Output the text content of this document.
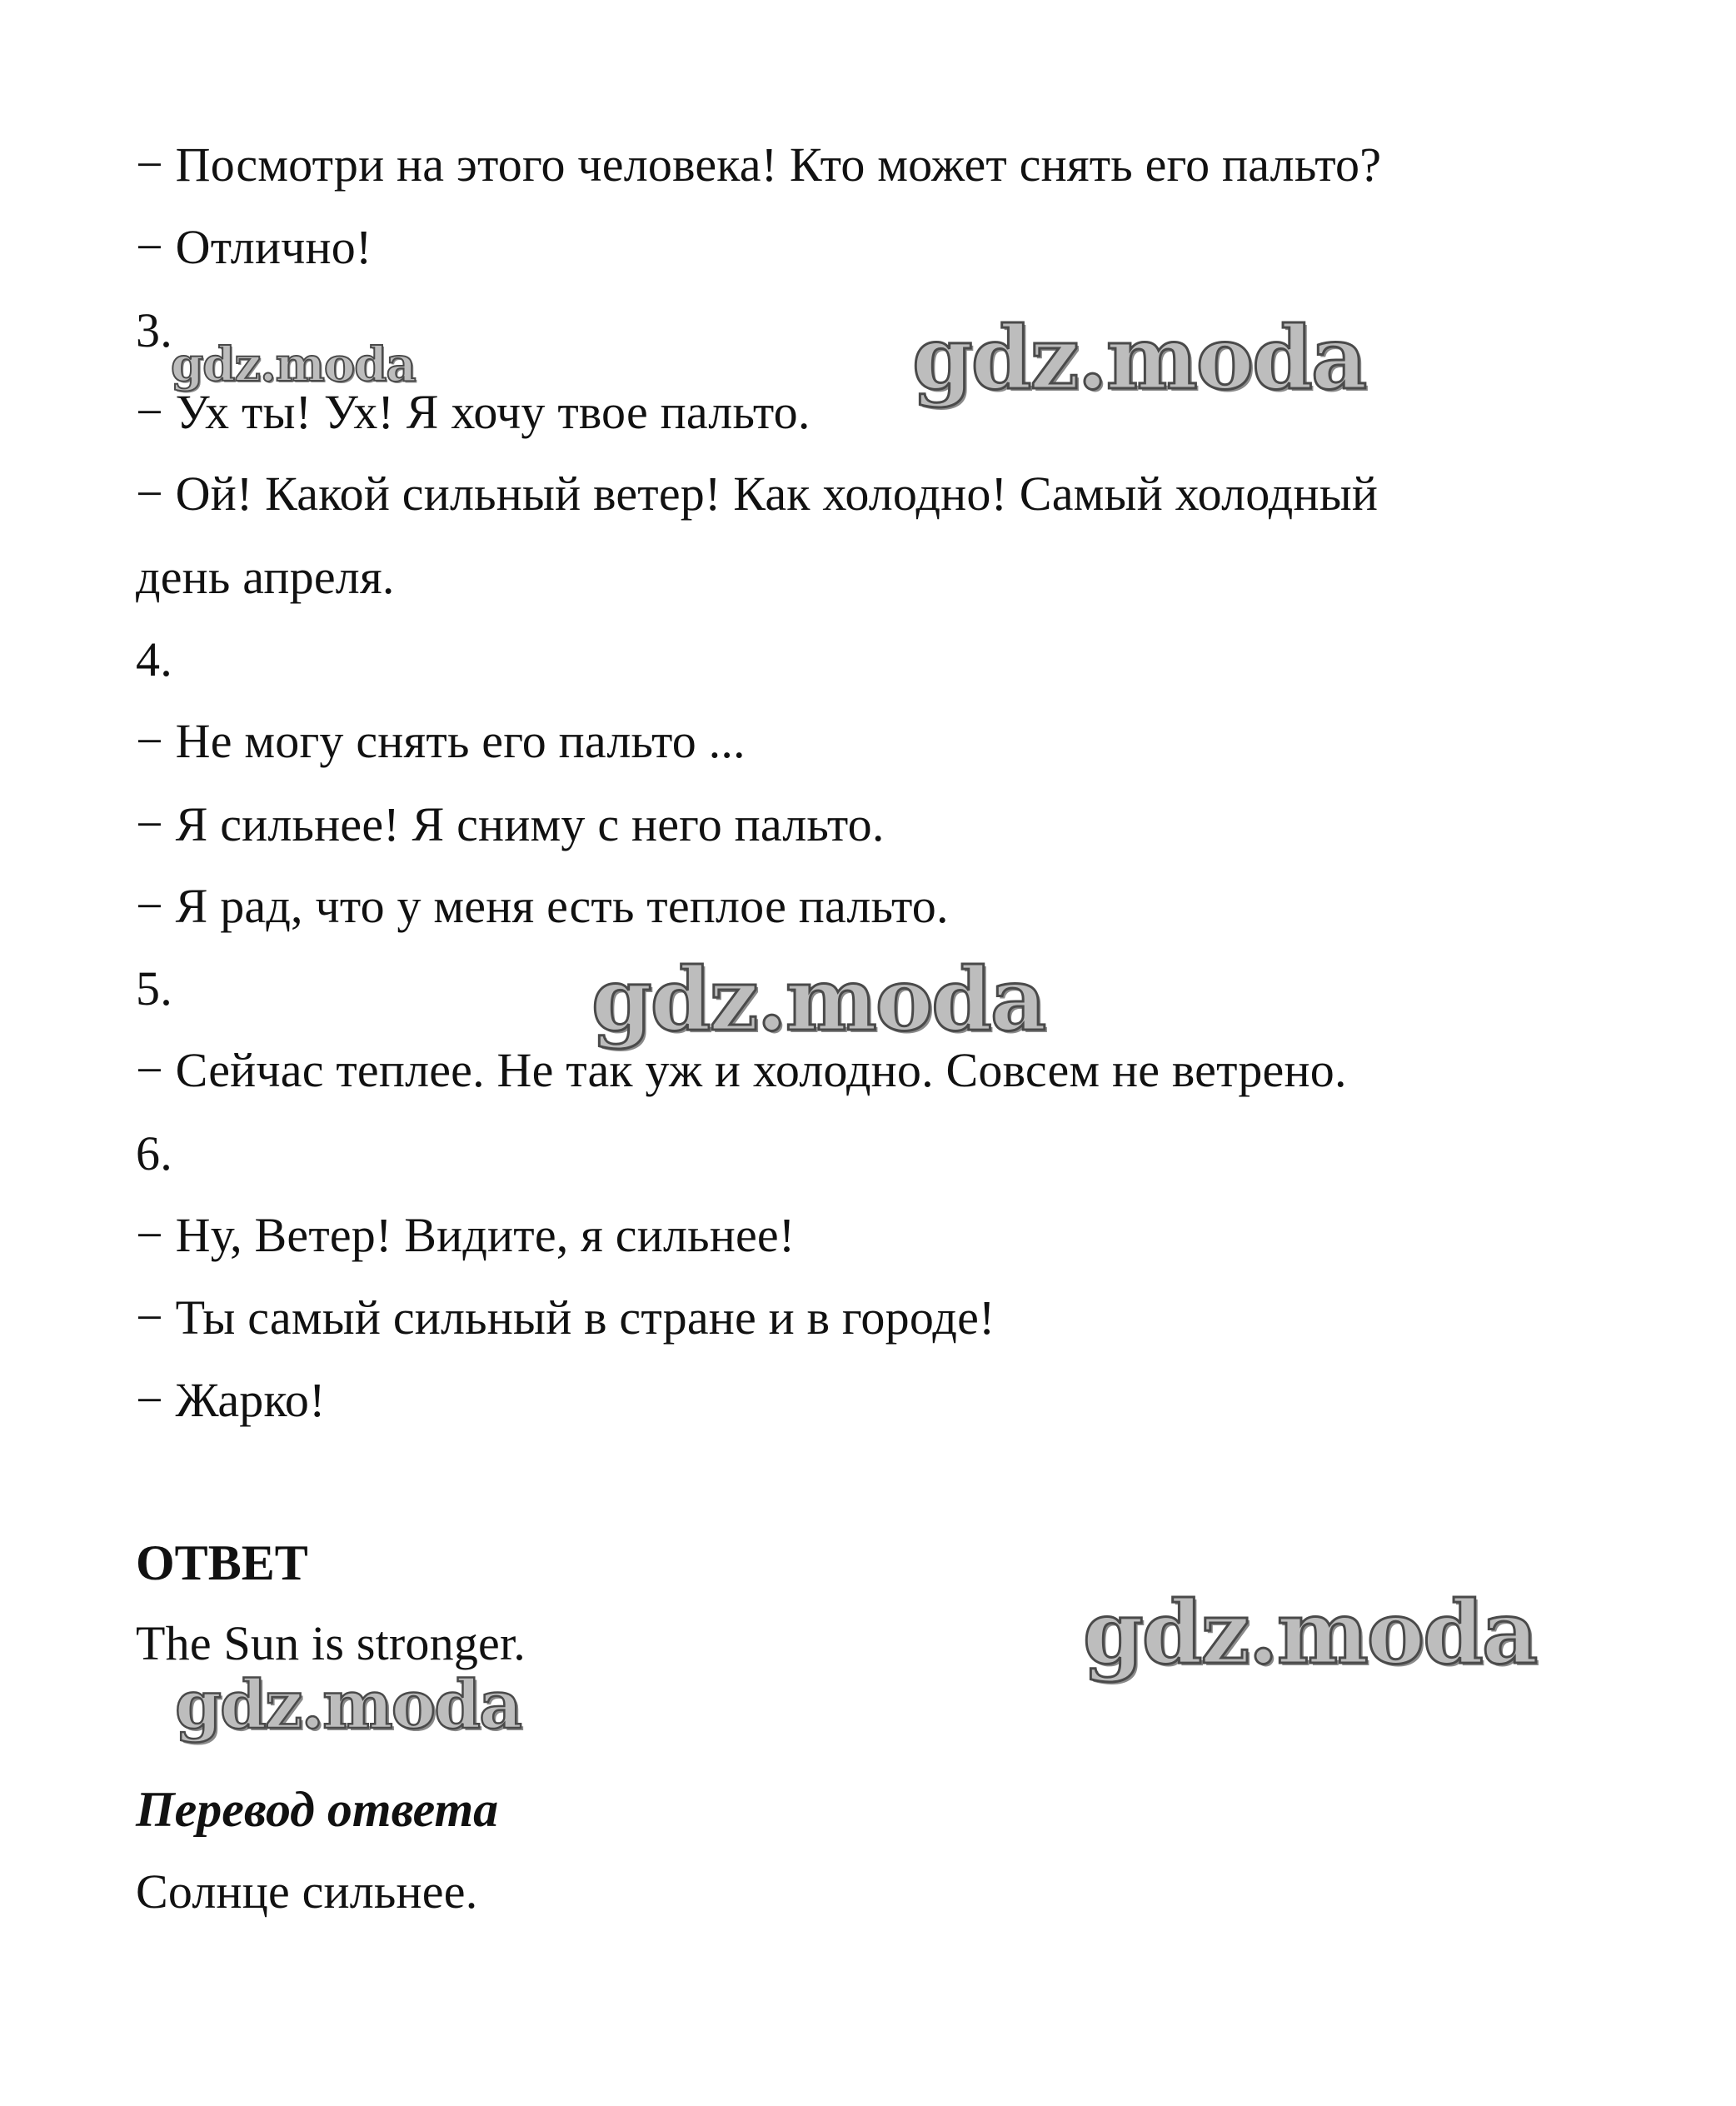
− Посмотри на этого человека! Кто может снять его пальто?
− Отлично!
3.
− Ух ты! Ух! Я хочу твое пальто.
− Ой! Какой сильный ветер! Как холодно! Самый холодный
день апреля.
4.
− Не могу снять его пальто ...
− Я сильнее! Я сниму с него пальто.
− Я рад, что у меня есть теплое пальто.
5.
− Сейчас теплее. Не так уж и холодно. Совсем не ветрено.
6.
− Ну, Ветер! Видите, я сильнее!
− Ты самый сильный в стране и в городе!
− Жарко!
ОТВЕТ
The Sun is stronger.
Перевод ответа
Солнце сильнее.
gdz.moda	gdz.moda
gdz.moda
gdz.moda
gdz.moda
